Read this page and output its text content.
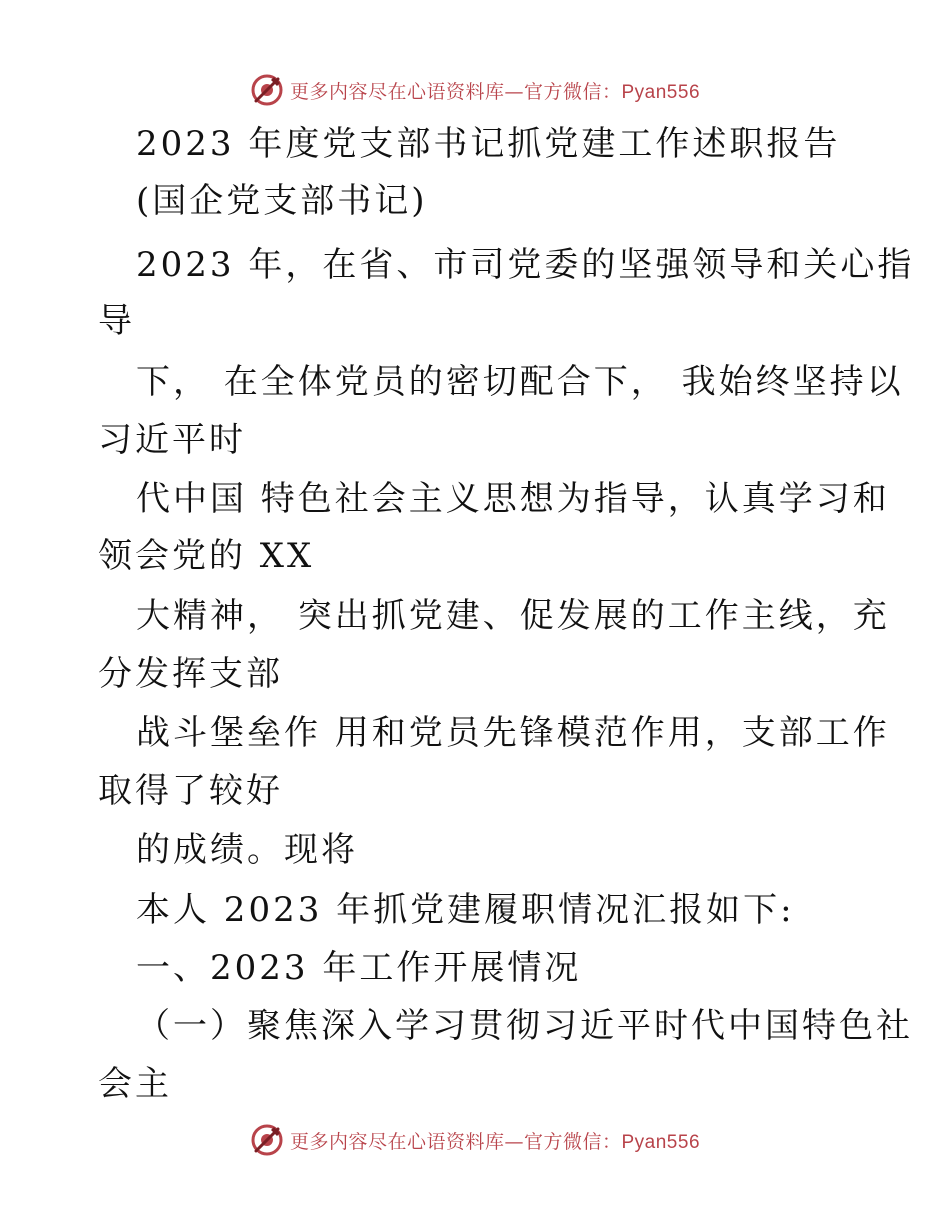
更多内容尽在心语资料库—官方微信：Pyan556
2023 年度党支部书记抓党建工作述职报告
(国企党支部书记)
2023 年，在省、市司党委的坚强领导和关心指
导
下， 在全体党员的密切配合下， 我始终坚持以
习近平时
代中国 特色社会主义思想为指导，认真学习和
领会党的 XX
大精神， 突出抓党建、促发展的工作主线，充
分发挥支部
战斗堡垒作 用和党员先锋模范作用，支部工作
取得了较好
的成绩。现将
本人 2023 年抓党建履职情况汇报如下:
一、2023 年工作开展情况
（一）聚焦深入学习贯彻习近平时代中国特色社
会主
更多内容尽在心语资料库—官方微信：Pyan556
